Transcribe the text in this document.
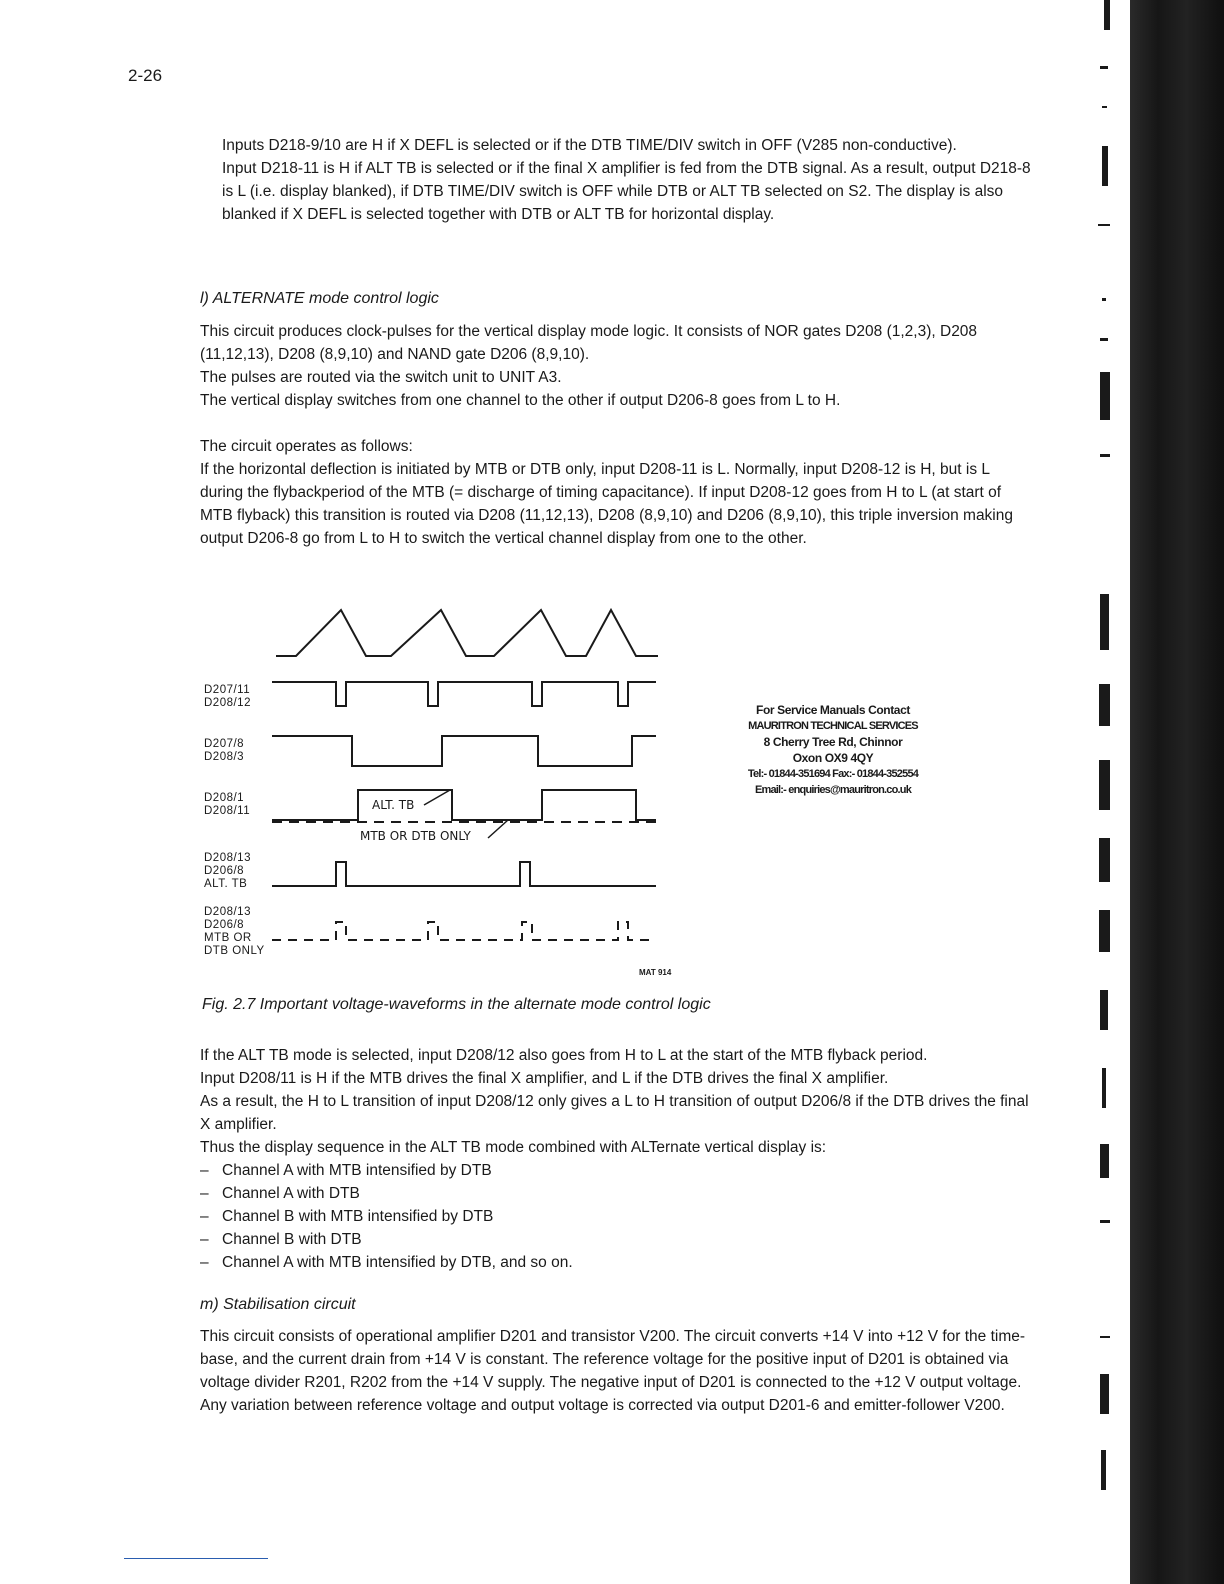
2-26

Inputs D218-9/10 are H if X DEFL is selected or if the DTB TIME/DIV switch in OFF (V285 non-conductive).

Input D218-11 is H if ALT TB is selected or if the final X amplifier is fed from the DTB signal. As a result, output D218-8 is L (i.e. display blanked), if DTB TIME/DIV switch is OFF while DTB or ALT TB selected on S2. The display is also blanked if X DEFL is selected together with DTB or ALT TB for horizontal display.

l) ALTERNATE mode control logic

This circuit produces clock-pulses for the vertical display mode logic. It consists of NOR gates D208 (1,2,3), D208 (11,12,13), D208 (8,9,10) and NAND gate D206 (8,9,10).

The pulses are routed via the switch unit to UNIT A3.

The vertical display switches from one channel to the other if output D206-8 goes from L to H.

The circuit operates as follows:

If the horizontal deflection is initiated by MTB or DTB only, input D208-11 is L. Normally, input D208-12 is H, but is L during the flybackperiod of the MTB (= discharge of timing capacitance). If input D208-12 goes from H to L (at start of MTB flyback) this transition is routed via D208 (11,12,13), D208 (8,9,10) and D206 (8,9,10), this triple inversion making output D206-8 go from L to H to switch the vertical channel display from one to the other.

ALT. TB
MTB OR DTB ONLY
D207/11
D208/12
D207/8
D208/3
D208/1
D208/11
D208/13
D206/8
ALT. TB
D208/13
D206/8
MTB OR
DTB ONLY
MAT 914
Fig. 2.7 Important voltage-waveforms in the alternate mode control logic
For Service Manuals Contact
MAURITRON TECHNICAL SERVICES
8 Cherry Tree Rd, Chinnor
Oxon OX9 4QY
Tel:- 01844-351694 Fax:- 01844-352554
Email:- enquiries@mauritron.co.uk

If the ALT TB mode is selected, input D208/12 also goes from H to L at the start of the MTB flyback period.

Input D208/11 is H if the MTB drives the final X amplifier, and L if the DTB drives the final X amplifier.

As a result, the H to L transition of input D208/12 only gives a L to H transition of output D206/8 if the DTB drives the final X amplifier.

Thus the display sequence in the ALT TB mode combined with ALTernate vertical display is:

– Channel A with MTB intensified by DTB
– Channel A with DTB
– Channel B with MTB intensified by DTB
– Channel B with DTB
– Channel A with MTB intensified by DTB, and so on.
m) Stabilisation circuit

This circuit consists of operational amplifier D201 and transistor V200. The circuit converts +14 V into +12 V for the time-base, and the current drain from +14 V is constant. The reference voltage for the positive input of D201 is obtained via voltage divider R201, R202 from the +14 V supply. The negative input of D201 is connected to the +12 V output voltage. Any variation between reference voltage and output voltage is corrected via output D201-6 and emitter-follower V200.
